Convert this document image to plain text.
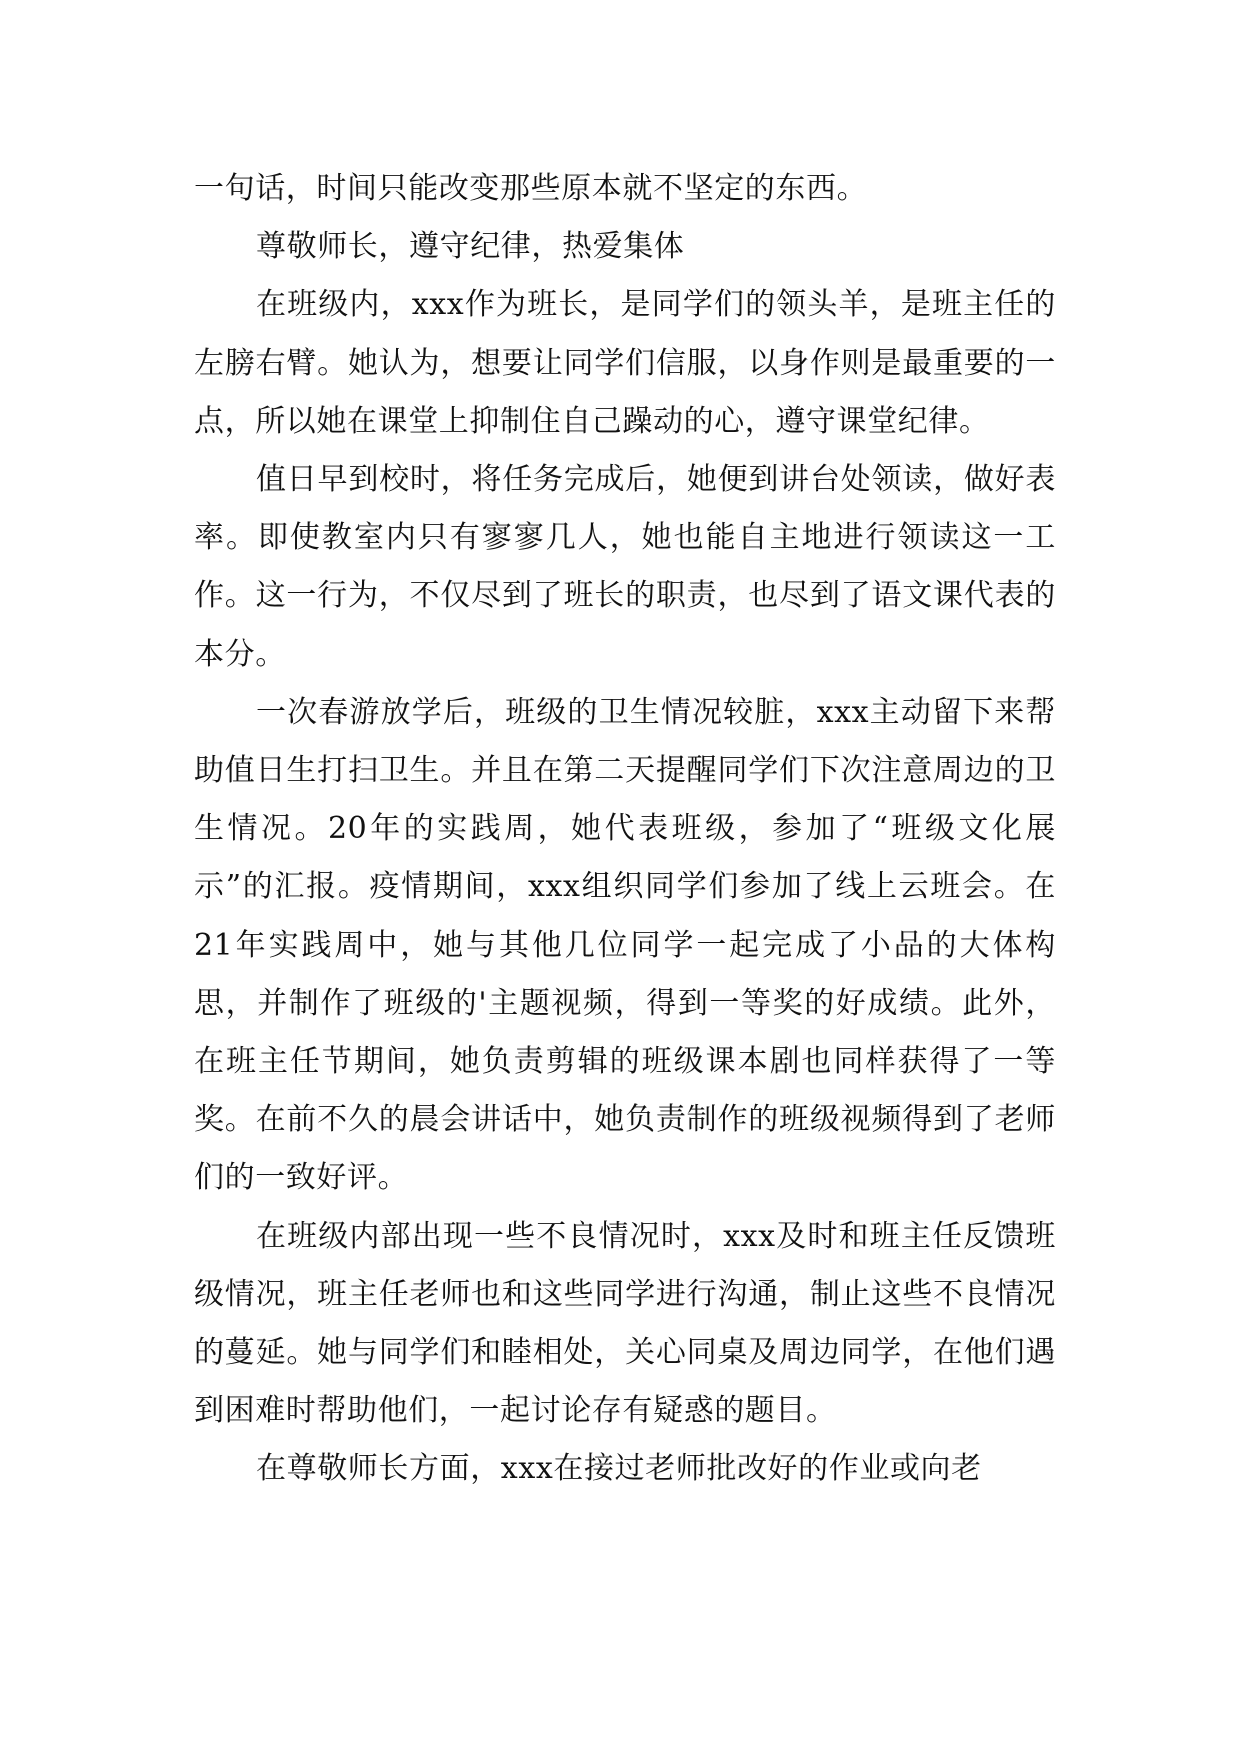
一句话，时间只能改变那些原本就不坚定的东西。

尊敬师长，遵守纪律，热爱集体

在班级内，xxx作为班长，是同学们的领头羊，是班主任的左膀右臂。她认为，想要让同学们信服，以身作则是最重要的一点，所以她在课堂上抑制住自己躁动的心，遵守课堂纪律。

值日早到校时，将任务完成后，她便到讲台处领读，做好表率。即使教室内只有寥寥几人，她也能自主地进行领读这一工作。这一行为，不仅尽到了班长的职责，也尽到了语文课代表的本分。

一次春游放学后，班级的卫生情况较脏，xxx主动留下来帮助值日生打扫卫生。并且在第二天提醒同学们下次注意周边的卫生情况。20年的实践周，她代表班级，参加了“班级文化展示”的汇报。疫情期间，xxx组织同学们参加了线上云班会。在21年实践周中，她与其他几位同学一起完成了小品的大体构思，并制作了班级的'主题视频，得到一等奖的好成绩。此外，在班主任节期间，她负责剪辑的班级课本剧也同样获得了一等奖。在前不久的晨会讲话中，她负责制作的班级视频得到了老师们的一致好评。

在班级内部出现一些不良情况时，xxx及时和班主任反馈班级情况，班主任老师也和这些同学进行沟通，制止这些不良情况的蔓延。她与同学们和睦相处，关心同桌及周边同学，在他们遇到困难时帮助他们，一起讨论存有疑惑的题目。

在尊敬师长方面，xxx在接过老师批改好的作业或向老
